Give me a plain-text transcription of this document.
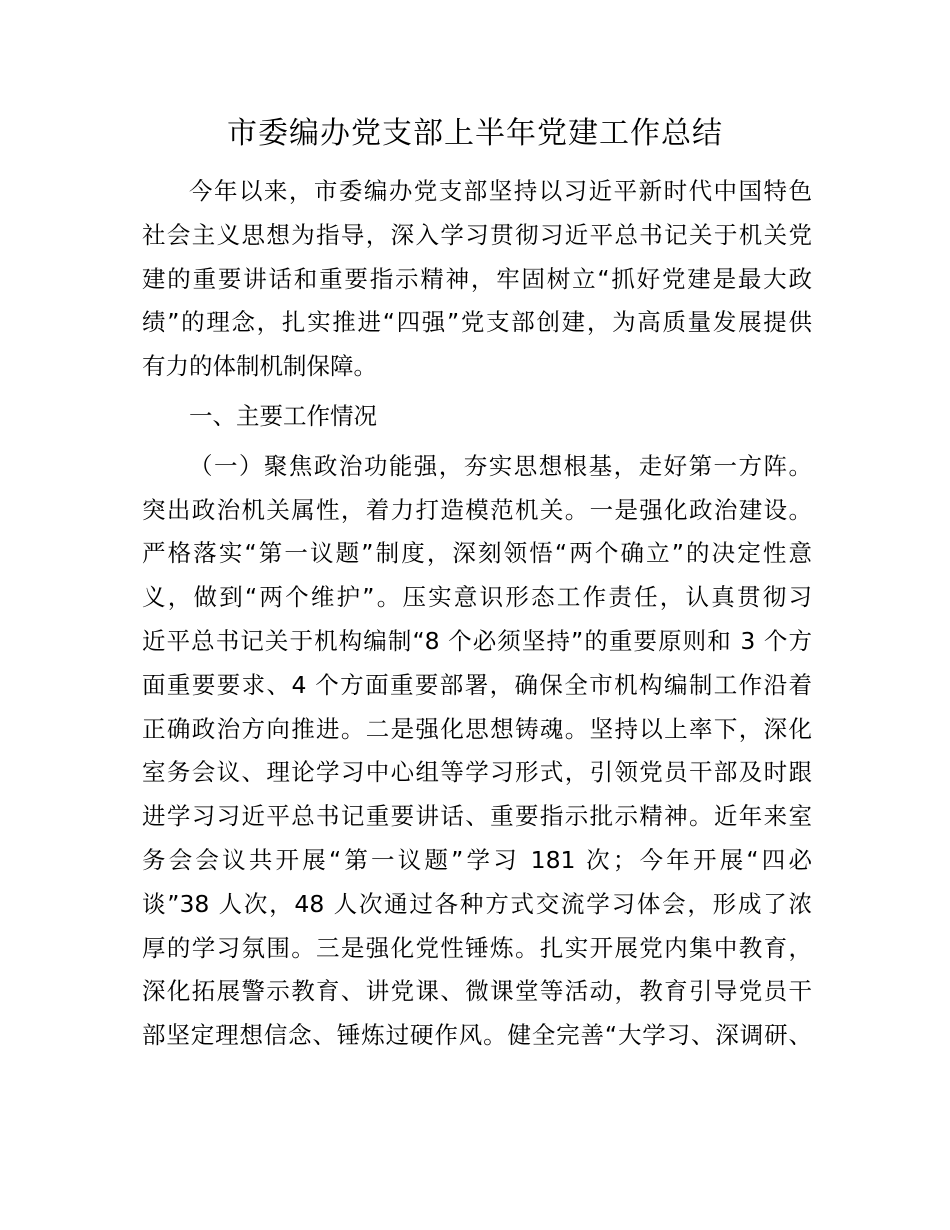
市委编办党支部上半年党建工作总结
今年以来，市委编办党支部坚持以习近平新时代中国特色
社会主义思想为指导，深入学习贯彻习近平总书记关于机关党
建的重要讲话和重要指示精神，牢固树立“抓好党建是最大政
绩”的理念，扎实推进“四强”党支部创建，为高质量发展提供
有力的体制机制保障。
一、主要工作情况
（一）聚焦政治功能强，夯实思想根基，走好第一方阵。
突出政治机关属性，着力打造模范机关。一是强化政治建设。
严格落实“第一议题”制度，深刻领悟“两个确立”的决定性意
义，做到“两个维护”。压实意识形态工作责任，认真贯彻习
近平总书记关于机构编制“8 个必须坚持”的重要原则和 3 个方
面重要要求、4 个方面重要部署，确保全市机构编制工作沿着
正确政治方向推进。二是强化思想铸魂。坚持以上率下，深化
室务会议、理论学习中心组等学习形式，引领党员干部及时跟
进学习习近平总书记重要讲话、重要指示批示精神。近年来室
务会会议共开展“第一议题”学习 181 次；今年开展“四必
谈”38 人次，48 人次通过各种方式交流学习体会，形成了浓
厚的学习氛围。三是强化党性锤炼。扎实开展党内集中教育，
深化拓展警示教育、讲党课、微课堂等活动，教育引导党员干
部坚定理想信念、锤炼过硬作风。健全完善“大学习、深调研、
